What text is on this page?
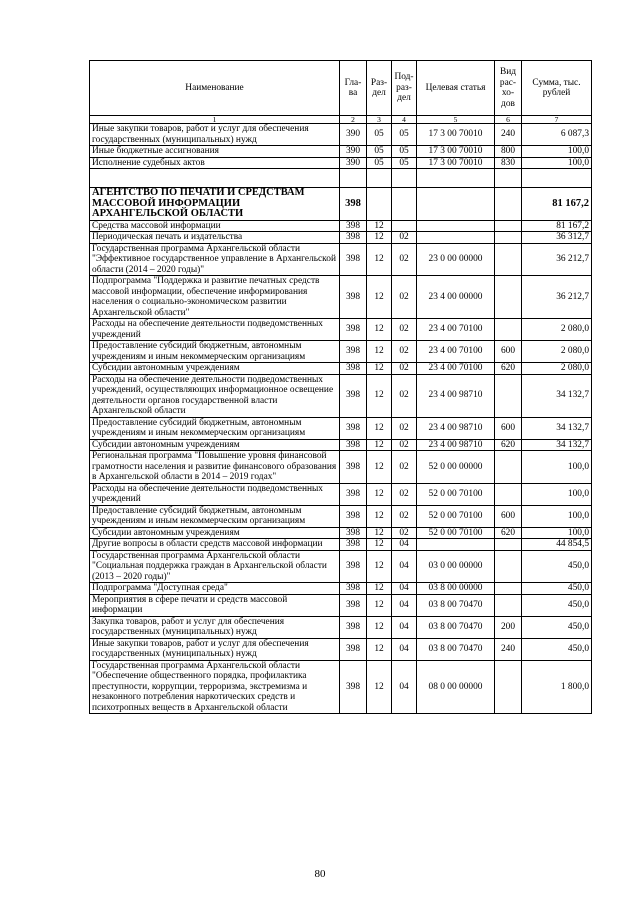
Наименование	Гла-ва	Раз-дел	Под-раз-дел	Целевая статья	Вид рас-хо-дов	Сумма, тыс. рублей
1	2	3	4	5	6	7
Иные закупки товаров, работ и услуг для обеспечения государственных (муниципальных) нужд	390	05	05	17 3 00 70010	240	6 087,3
Иные бюджетные ассигнования	390	05	05	17 3 00 70010	800	100,0
Исполнение судебных актов	390	05	05	17 3 00 70010	830	100,0

АГЕНТСТВО ПО ПЕЧАТИ И СРЕДСТВАМ МАССОВОЙ ИНФОРМАЦИИ АРХАНГЕЛЬСКОЙ ОБЛАСТИ	398					81 167,2
Средства массовой информации	398	12				81 167,2
Периодическая печать и издательства	398	12	02			36 312,7
Государственная программа Архангельской области "Эффективное государственное управление в Архангельской области (2014 – 2020 годы)"	398	12	02	23 0 00 00000		36 212,7
Подпрограмма "Поддержка и развитие печатных средств массовой информации, обеспечение информирования населения о социально-экономическом развитии Архангельской области"	398	12	02	23 4 00 00000		36 212,7
Расходы на обеспечение деятельности подведомственных учреждений	398	12	02	23 4 00 70100		2 080,0
Предоставление субсидий бюджетным, автономным учреждениям и иным некоммерческим организациям	398	12	02	23 4 00 70100	600	2 080,0
Субсидии автономным учреждениям	398	12	02	23 4 00 70100	620	2 080,0
Расходы на обеспечение деятельности подведомственных учреждений, осуществляющих информационное освещение деятельности органов государственной власти Архангельской области	398	12	02	23 4 00 98710		34 132,7
Предоставление субсидий бюджетным, автономным учреждениям и иным некоммерческим организациям	398	12	02	23 4 00 98710	600	34 132,7
Субсидии автономным учреждениям	398	12	02	23 4 00 98710	620	34 132,7
Региональная программа "Повышение уровня финансовой грамотности населения и развитие финансового образования в Архангельской области в 2014 – 2019 годах"	398	12	02	52 0 00 00000		100,0
Расходы на обеспечение деятельности подведомственных учреждений	398	12	02	52 0 00 70100		100,0
Предоставление субсидий бюджетным, автономным учреждениям и иным некоммерческим организациям	398	12	02	52 0 00 70100	600	100,0
Субсидии автономным учреждениям	398	12	02	52 0 00 70100	620	100,0
Другие вопросы в области средств массовой информации	398	12	04			44 854,5
Государственная программа Архангельской области "Социальная поддержка граждан в Архангельской области (2013 – 2020 годы)"	398	12	04	03 0 00 00000		450,0
Подпрограмма "Доступная среда"	398	12	04	03 8 00 00000		450,0
Мероприятия в сфере печати и средств массовой информации	398	12	04	03 8 00 70470		450,0
Закупка товаров, работ и услуг для обеспечения государственных (муниципальных) нужд	398	12	04	03 8 00 70470	200	450,0
Иные закупки товаров, работ и услуг для обеспечения государственных (муниципальных) нужд	398	12	04	03 8 00 70470	240	450,0
Государственная программа Архангельской области "Обеспечение общественного порядка, профилактика преступности, коррупции, терроризма, экстремизма и незаконного потребления наркотических средств и психотропных веществ в Архангельской области	398	12	04	08 0 00 00000		1 800,0
80
